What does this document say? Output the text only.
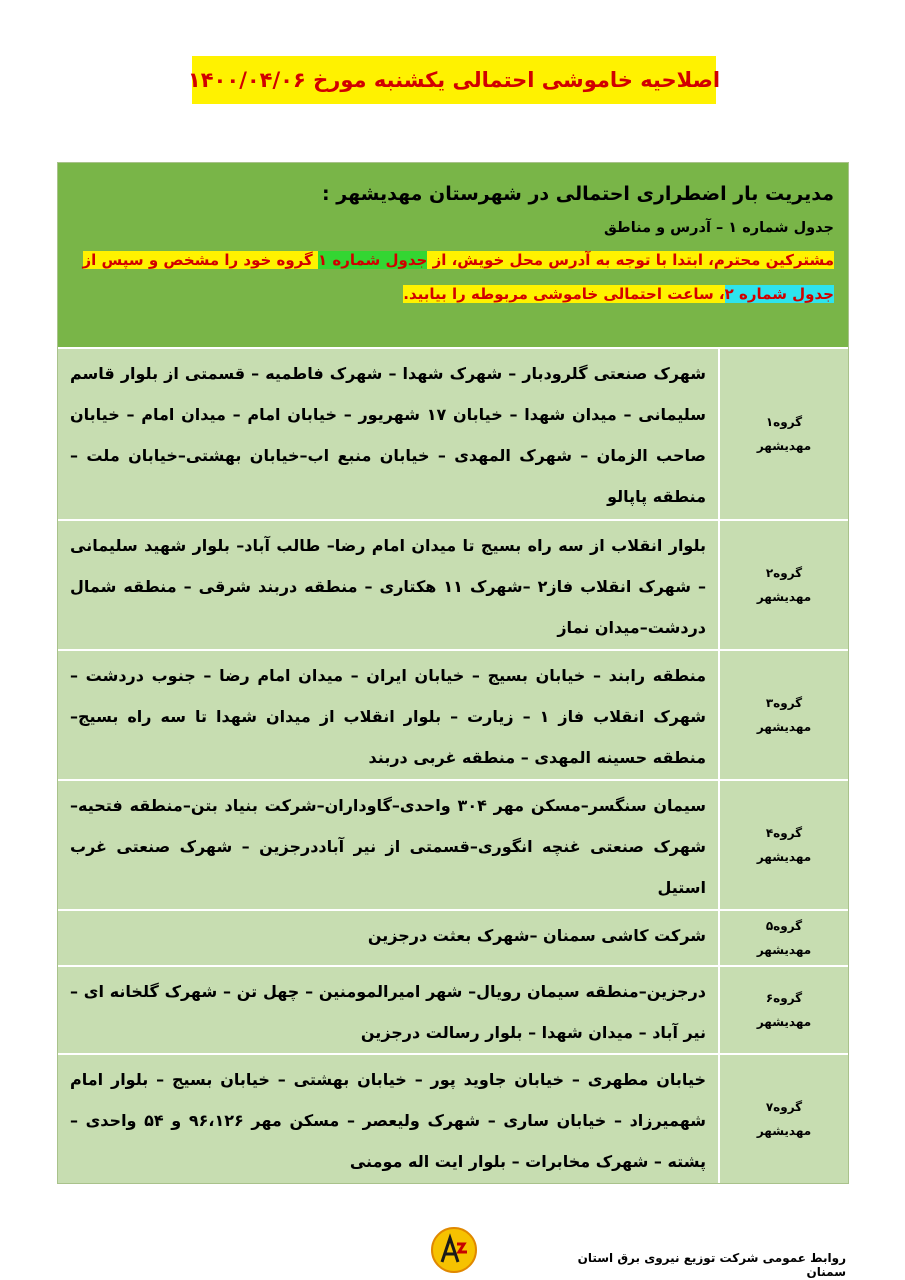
اصلاحیه خاموشی احتمالی یکشنبه مورخ ۱۴۰۰/۰۴/۰۶
مدیریت بار اضطراری احتمالی در شهرستان مهدیشهر :
جدول شماره ۱ – آدرس و مناطق
مشترکین محترم، ابتدا با توجه به آدرس محل خویش، از جدول شماره ۱ گروه خود را مشخص و سپس از جدول شماره ۲، ساعت احتمالی خاموشی مربوطه را بیابید.
گروه۱
مهدیشهر
شهرک صنعتی گلرودبار – شهرک شهدا – شهرک فاطمیه – قسمتی از بلوار قاسم سلیمانی – میدان شهدا – خیابان ۱۷ شهریور – خیابان امام – میدان امام – خیابان صاحب الزمان – شهرک المهدی – خیابان منبع اب–خیابان بهشتی–خیابان ملت – منطقه پاپالو
گروه۲
مهدیشهر
بلوار انقلاب از سه راه بسیج تا میدان امام رضا– طالب آباد– بلوار شهید سلیمانی – شهرک انقلاب فاز۲ –شهرک ۱۱ هکتاری – منطقه دربند شرقی – منطقه شمال دردشت–میدان نماز
گروه۳
مهدیشهر
منطقه رابند – خیابان بسیج – خیابان ایران – میدان امام رضا – جنوب دردشت – شهرک انقلاب فاز ۱ – زیارت – بلوار انقلاب از میدان شهدا تا سه راه بسیج–منطقه حسینه المهدی – منطقه غربی دربند
گروه۴
مهدیشهر
سیمان سنگسر–مسکن مهر ۳۰۴ واحدی–گاوداران–شرکت بنیاد بتن–منطقه فتحیه– شهرک صنعتی غنچه انگوری–قسمتی از نیر آباددرجزین – شهرک صنعتی غرب استیل
گروه۵
مهدیشهر
شرکت کاشی سمنان –شهرک بعثت درجزین
گروه۶
مهدیشهر
درجزین–منطقه سیمان رویال– شهر امیرالمومنین – چهل تن – شهرک گلخانه ای – نیر آباد – میدان شهدا – بلوار رسالت درجزین
گروه۷
مهدیشهر
خیابان مطهری – خیابان جاوید پور – خیابان بهشتی – خیابان بسیج – بلوار امام شهمیرزاد – خیابان ساری – شهرک ولیعصر – مسکن مهر ۹۶،۱۲۶ و ۵۴ واحدی – پشته – شهرک مخابرات – بلوار ایت اله مومنی
روابط عمومی شرکت توزیع نیروی برق استان سمنان
